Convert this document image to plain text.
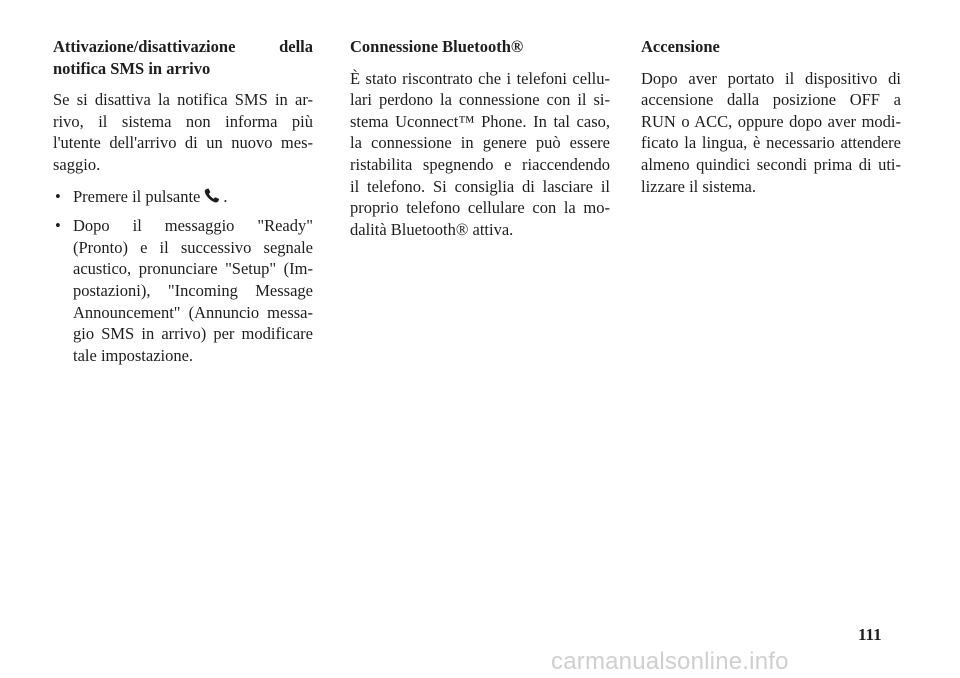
Attivazione/disattivazione della
notifica SMS in arrivo

Se si disattiva la notifica SMS in ar-
rivo, il sistema non informa più
l'utente dell'arrivo di un nuovo mes-
saggio.

• Premere il pulsante .
• Dopo il messaggio "Ready"
(Pronto) e il successivo segnale
acustico, pronunciare "Setup" (Im-
postazioni), "Incoming Message
Announcement" (Annuncio messa-
gio SMS in arrivo) per modificare
tale impostazione.
Connessione Bluetooth®

È stato riscontrato che i telefoni cellu-
lari perdono la connessione con il si-
stema Uconnect™ Phone. In tal caso,
la connessione in genere può essere
ristabilita spegnendo e riaccendendo
il telefono. Si consiglia di lasciare il
proprio telefono cellulare con la mo-
dalità Bluetooth® attiva.

Accensione

Dopo aver portato il dispositivo di
accensione dalla posizione OFF a
RUN o ACC, oppure dopo aver modi-
ficato la lingua, è necessario attendere
almeno quindici secondi prima di uti-
lizzare il sistema.

111
carmanualsonline.info
